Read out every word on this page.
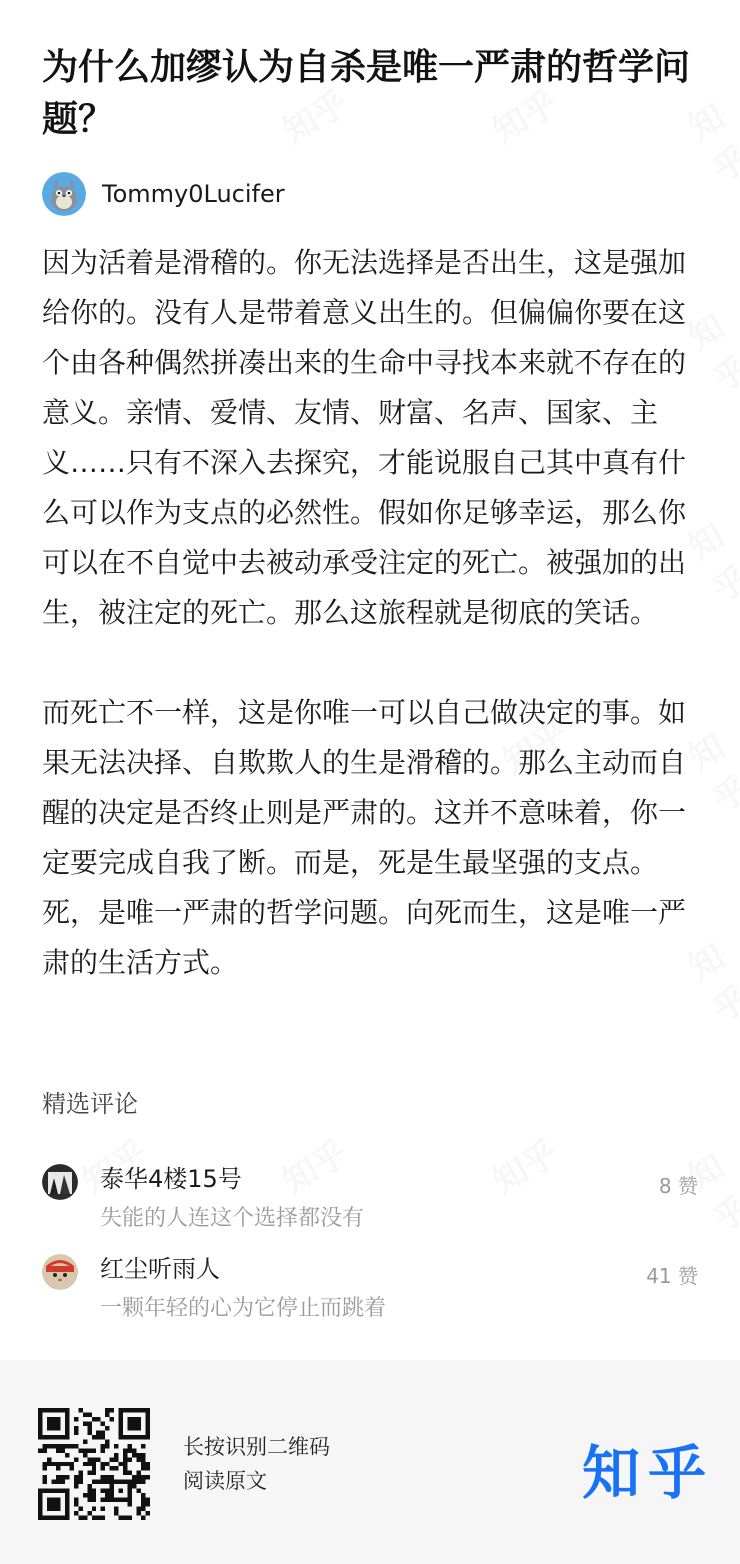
为什么加缪认为自杀是唯一严肃的哲学问题？
Tommy0Lucifer

因为活着是滑稽的。你无法选择是否出生，这是强加给你的。没有人是带着意义出生的。但偏偏你要在这个由各种偶然拼凑出来的生命中寻找本来就不存在的意义。亲情、爱情、友情、财富、名声、国家、主义……只有不深入去探究，才能说服自己其中真有什么可以作为支点的必然性。假如你足够幸运，那么你可以在不自觉中去被动承受注定的死亡。被强加的出生，被注定的死亡。那么这旅程就是彻底的笑话。

而死亡不一样，这是你唯一可以自己做决定的事。如果无法决择、自欺欺人的生是滑稽的。那么主动而自醒的决定是否终止则是严肃的。这并不意味着，你一定要完成自我了断。而是，死是生最坚强的支点。死，是唯一严肃的哲学问题。向死而生，这是唯一严肃的生活方式。

精选评论
泰华4楼15号
失能的人连这个选择都没有
8 赞
红尘听雨人
一颗年轻的心为它停止而跳着
41 赞
长按识别二维码
阅读原文	知乎
